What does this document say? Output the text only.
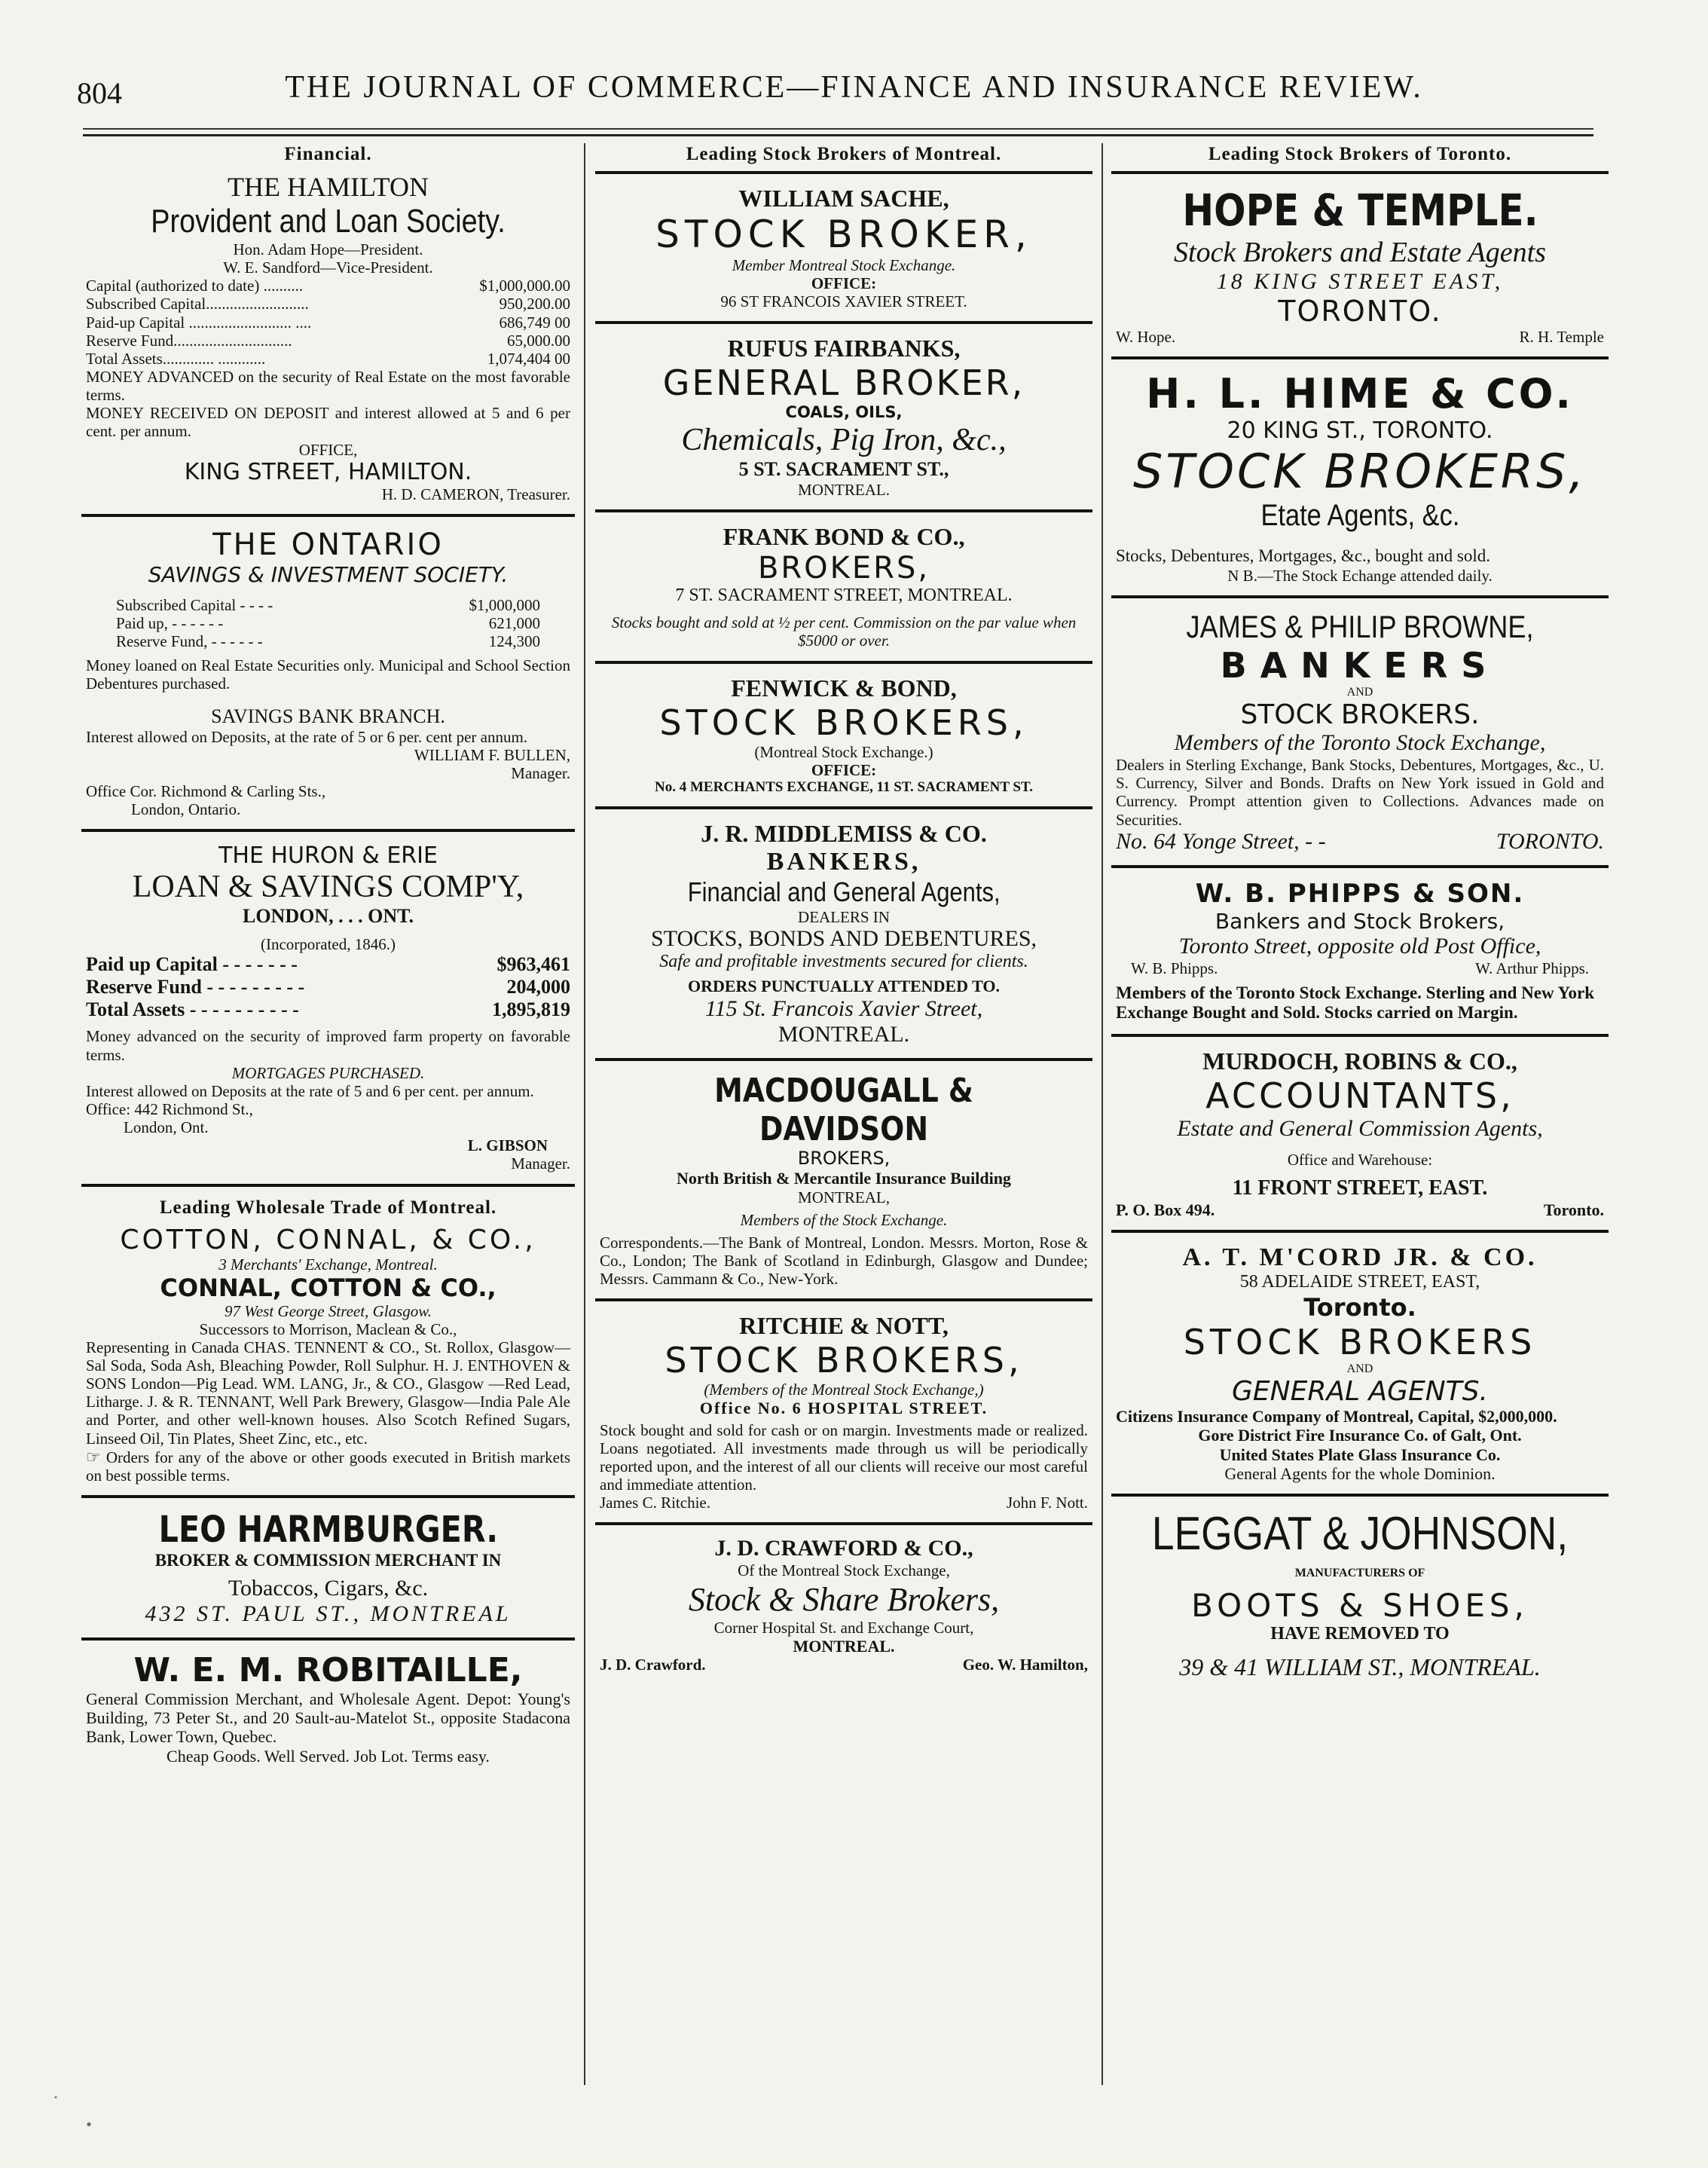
804	THE JOURNAL OF COMMERCE—FINANCE AND INSURANCE REVIEW.
Financial.
THE HAMILTON
Provident and Loan Society.
Hon. Adam Hope—President.
W. E. Sandford—Vice-President.
Capital (authorized to date) ..........	$1,000,000.00
Subscribed Capital..........................	950,200.00
Paid-up Capital .......................... ....	686,749 00
Reserve Fund..............................	65,000.00
Total Assets............. ............	1,074,404 00
MONEY ADVANCED on the security of Real Estate on the most favorable terms.
MONEY RECEIVED ON DEPOSIT and interest allowed at 5 and 6 per cent. per annum.
OFFICE,
KING STREET, HAMILTON.
H. D. CAMERON, Treasurer.
THE ONTARIO
SAVINGS & INVESTMENT SOCIETY.
Subscribed Capital - - - -	$1,000,000
Paid up, - - - - - -	621,000
Reserve Fund, - - - - - -	124,300
Money loaned on Real Estate Securities only. Municipal and School Section Debentures purchased.
SAVINGS BANK BRANCH.
Interest allowed on Deposits, at the rate of 5 or 6 per. cent per annum.
WILLIAM F. BULLEN,
Manager.
Office Cor. Richmond & Carling Sts.,
London, Ontario.
THE HURON & ERIE
LOAN & SAVINGS COMP'Y,
LONDON, . . . ONT.
(Incorporated, 1846.)
Paid up Capital - - - - - - -	$963,461
Reserve Fund - - - - - - - - -	204,000
Total Assets - - - - - - - - - -	1,895,819
Money advanced on the security of improved farm property on favorable terms.
MORTGAGES PURCHASED.
Interest allowed on Deposits at the rate of 5 and 6 per cent. per annum.
Office: 442 Richmond St.,
London, Ont.
L. GIBSON
Manager.
Leading Wholesale Trade of Montreal.
COTTON, CONNAL, & CO.,
3 Merchants' Exchange, Montreal.
CONNAL, COTTON & CO.,
97 West George Street, Glasgow.
Successors to Morrison, Maclean & Co.,
Representing in Canada CHAS. TENNENT & CO., St. Rollox, Glasgow—Sal Soda, Soda Ash, Bleaching Powder, Roll Sulphur. H. J. ENTHOVEN & SONS London—Pig Lead. WM. LANG, Jr., & CO., Glasgow —Red Lead, Litharge. J. & R. TENNANT, Well Park Brewery, Glasgow—India Pale Ale and Porter, and other well-known houses. Also Scotch Refined Sugars, Linseed Oil, Tin Plates, Sheet Zinc, etc., etc.
☞ Orders for any of the above or other goods executed in British markets on best possible terms.
LEO HARMBURGER.
BROKER & COMMISSION MERCHANT IN
Tobaccos, Cigars, &c.
432 ST. PAUL ST., MONTREAL
W. E. M. ROBITAILLE,
General Commission Merchant, and Wholesale Agent. Depot: Young's Building, 73 Peter St., and 20 Sault-au-Matelot St., opposite Stadacona Bank, Lower Town, Quebec.
Cheap Goods. Well Served. Job Lot. Terms easy.
Leading Stock Brokers of Montreal.
WILLIAM SACHE,
STOCK BROKER,
Member Montreal Stock Exchange.
OFFICE:
96 ST FRANCOIS XAVIER STREET.
RUFUS FAIRBANKS,
GENERAL BROKER,
COALS, OILS,
Chemicals, Pig Iron, &c.,
5 ST. SACRAMENT ST.,
MONTREAL.
FRANK BOND & CO.,
BROKERS,
7 ST. SACRAMENT STREET, MONTREAL.
Stocks bought and sold at ½ per cent. Commission on the par value when $5000 or over.
FENWICK & BOND,
STOCK BROKERS,
(Montreal Stock Exchange.)
OFFICE:
No. 4 MERCHANTS EXCHANGE, 11 ST. SACRAMENT ST.
J. R. MIDDLEMISS & CO.
BANKERS,
Financial and General Agents,
DEALERS IN
STOCKS, BONDS AND DEBENTURES,
Safe and profitable investments secured for clients.
ORDERS PUNCTUALLY ATTENDED TO.
115 St. Francois Xavier Street,
MONTREAL.
MACDOUGALL & DAVIDSON
BROKERS,
North British & Mercantile Insurance Building
MONTREAL,
Members of the Stock Exchange.
Correspondents.—The Bank of Montreal, London. Messrs. Morton, Rose & Co., London; The Bank of Scotland in Edinburgh, Glasgow and Dundee; Messrs. Cammann & Co., New-York.
RITCHIE & NOTT,
STOCK BROKERS,
(Members of the Montreal Stock Exchange,)
Office No. 6 HOSPITAL STREET.
Stock bought and sold for cash or on margin. Investments made or realized. Loans negotiated. All investments made through us will be periodically reported upon, and the interest of all our clients will receive our most careful and immediate attention.
James C. Ritchie.	John F. Nott.
J. D. CRAWFORD & CO.,
Of the Montreal Stock Exchange,
Stock & Share Brokers,
Corner Hospital St. and Exchange Court,
MONTREAL.
J. D. Crawford.	Geo. W. Hamilton,
Leading Stock Brokers of Toronto.
HOPE & TEMPLE.
Stock Brokers and Estate Agents
18 KING STREET EAST,
TORONTO.
W. Hope.	R. H. Temple
H. L. HIME & CO.
20 KING ST., TORONTO.
STOCK BROKERS,
Etate Agents, &c.
Stocks, Debentures, Mortgages, &c., bought and sold.
N B.—The Stock Echange attended daily.
JAMES & PHILIP BROWNE,
BANKERS
AND
STOCK BROKERS.
Members of the Toronto Stock Exchange,
Dealers in Sterling Exchange, Bank Stocks, Debentures, Mortgages, &c., U. S. Currency, Silver and Bonds. Drafts on New York issued in Gold and Currency. Prompt attention given to Collections. Advances made on Securities.
No. 64 Yonge Street, - -	TORONTO.
W. B. PHIPPS & SON.
Bankers and Stock Brokers,
Toronto Street, opposite old Post Office,
W. B. Phipps.	W. Arthur Phipps.
Members of the Toronto Stock Exchange. Sterling and New York Exchange Bought and Sold. Stocks carried on Margin.
MURDOCH, ROBINS & CO.,
ACCOUNTANTS,
Estate and General Commission Agents,
Office and Warehouse:
11 FRONT STREET, EAST.
P. O. Box 494.	Toronto.
A. T. M'CORD JR. & CO.
58 ADELAIDE STREET, EAST,
Toronto.
STOCK BROKERS
AND
GENERAL AGENTS.
Citizens Insurance Company of Montreal, Capital, $2,000,000.
Gore District Fire Insurance Co. of Galt, Ont.
United States Plate Glass Insurance Co.
General Agents for the whole Dominion.
LEGGAT & JOHNSON,
MANUFACTURERS OF
BOOTS & SHOES,
HAVE REMOVED TO
39 & 41 WILLIAM ST., MONTREAL.
